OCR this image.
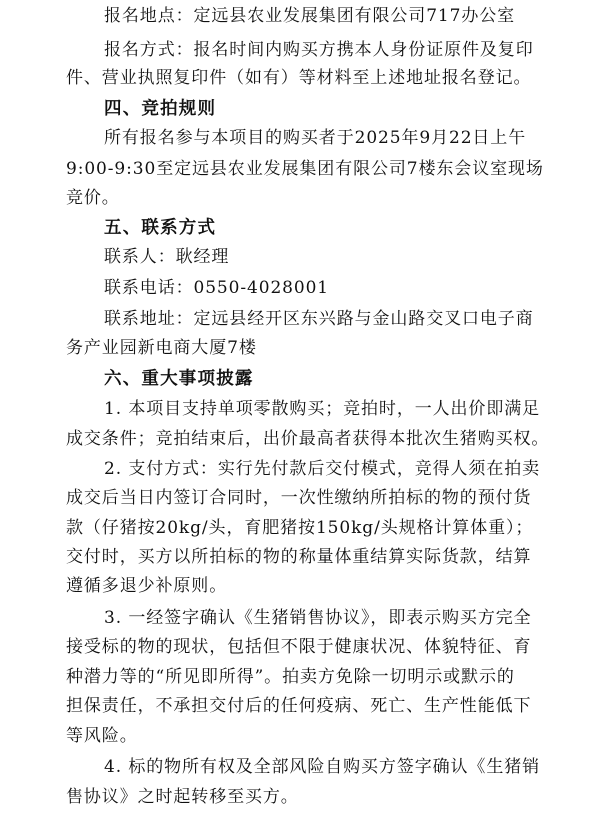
报名地点：定远县农业发展集团有限公司717办公室
报名方式：报名时间内购买方携本人身份证原件及复印
件、营业执照复印件（如有）等材料至上述地址报名登记。
四、竞拍规则
所有报名参与本项目的购买者于2025年9月22日上午
9:00-9:30至定远县农业发展集团有限公司7楼东会议室现场
竞价。
五、联系方式
联系人：耿经理
联系电话：0550-4028001
联系地址：定远县经开区东兴路与金山路交叉口电子商
务产业园新电商大厦7楼
六、重大事项披露
1. 本项目支持单项零散购买；竞拍时，一人出价即满足
成交条件；竞拍结束后，出价最高者获得本批次生猪购买权。
2. 支付方式：实行先付款后交付模式，竞得人须在拍卖
成交后当日内签订合同时，一次性缴纳所拍标的物的预付货
款（仔猪按20kg/头，育肥猪按150kg/头规格计算体重）；
交付时，买方以所拍标的物的称量体重结算实际货款，结算
遵循多退少补原则。
3. 一经签字确认《生猪销售协议》，即表示购买方完全
接受标的物的现状，包括但不限于健康状况、体貌特征、育
种潜力等的“所见即所得”。拍卖方免除一切明示或默示的
担保责任，不承担交付后的任何疫病、死亡、生产性能低下
等风险。
4. 标的物所有权及全部风险自购买方签字确认《生猪销
售协议》之时起转移至买方。
